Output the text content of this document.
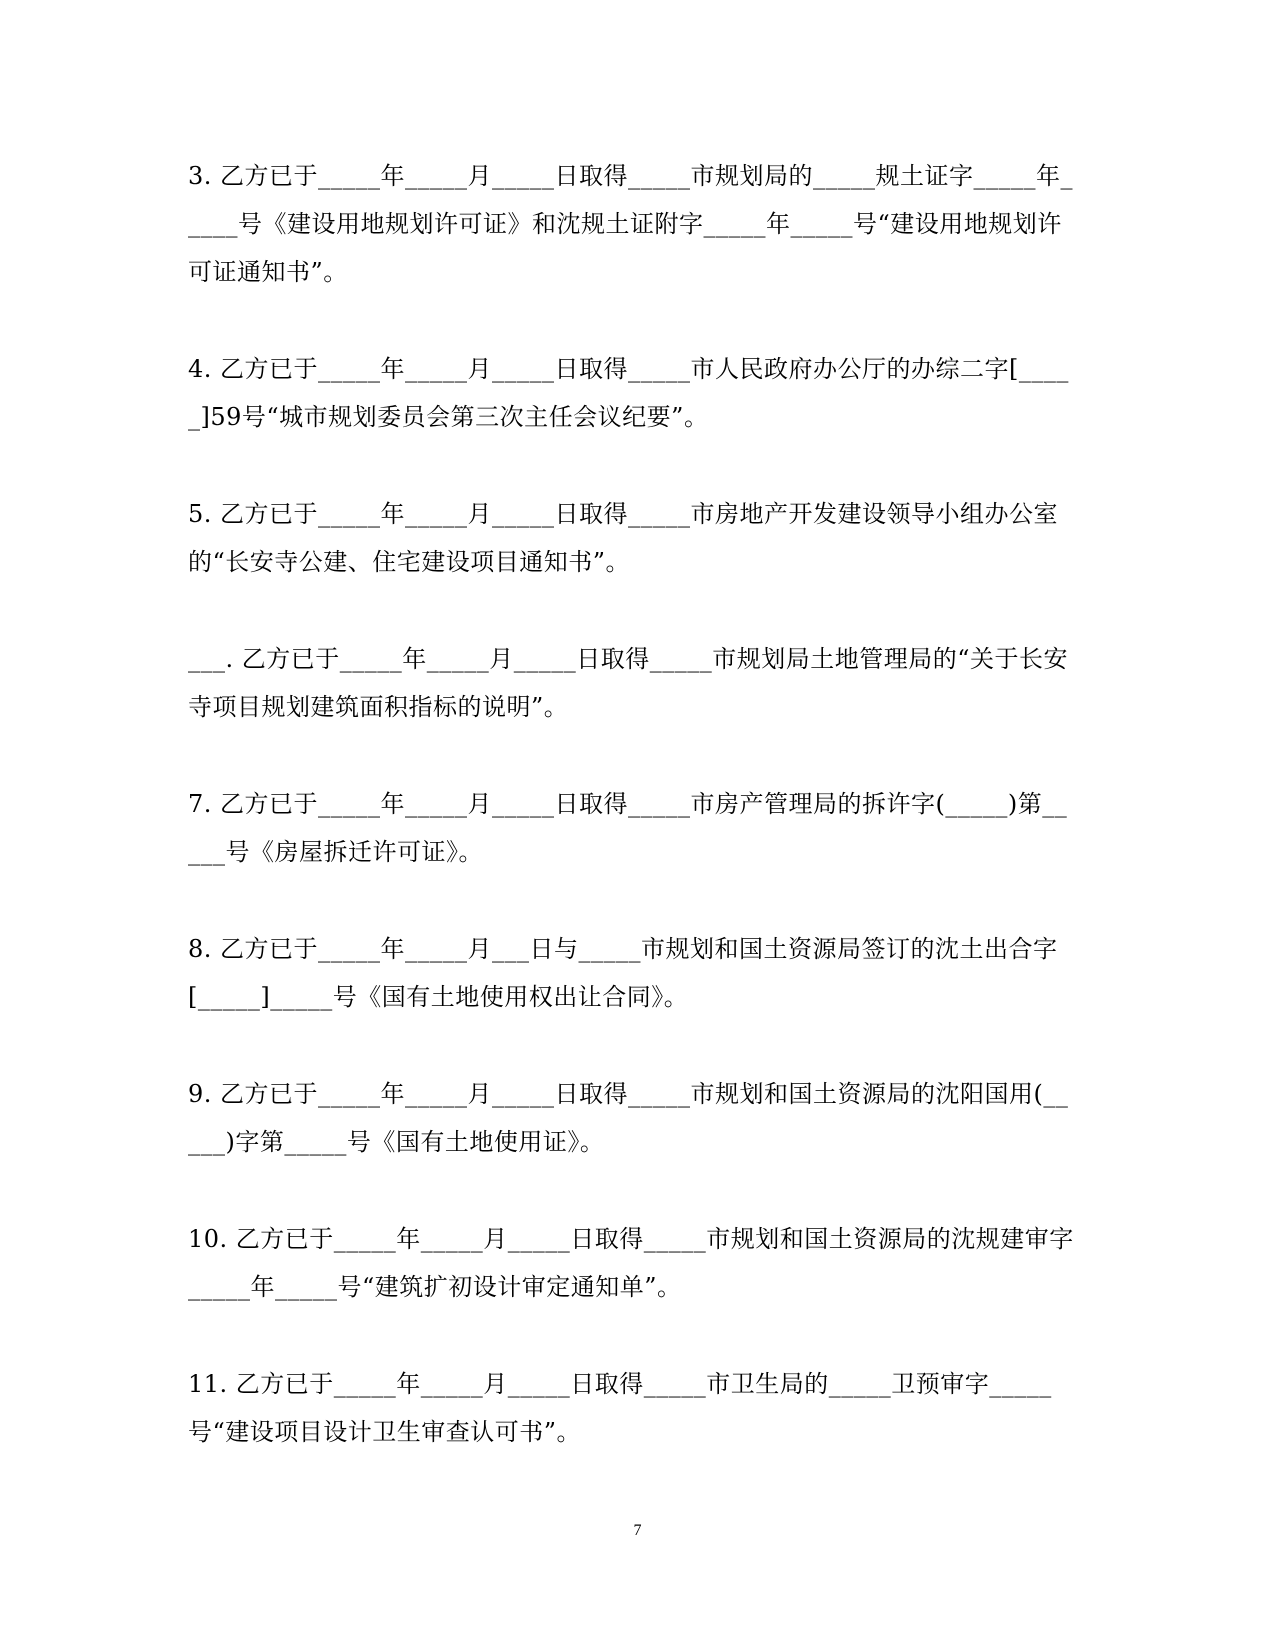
3. 乙方已于_____年_____月_____日取得_____市规划局的_____规土证字_____年_____号《建设用地规划许可证》和沈规土证附字_____年_____号“建设用地规划许可证通知书”。

4. 乙方已于_____年_____月_____日取得_____市人民政府办公厅的办综二字[_____]59号“城市规划委员会第三次主任会议纪要”。

5. 乙方已于_____年_____月_____日取得_____市房地产开发建设领导小组办公室的“长安寺公建、住宅建设项目通知书”。

___. 乙方已于_____年_____月_____日取得_____市规划局土地管理局的“关于长安寺项目规划建筑面积指标的说明”。

7. 乙方已于_____年_____月_____日取得_____市房产管理局的拆许字(_____)第_____号《房屋拆迁许可证》。

8. 乙方已于_____年_____月___日与_____市规划和国土资源局签订的沈土出合字[_____]_____号《国有土地使用权出让合同》。

9. 乙方已于_____年_____月_____日取得_____市规划和国土资源局的沈阳国用(_____)字第_____号《国有土地使用证》。

10. 乙方已于_____年_____月_____日取得_____市规划和国土资源局的沈规建审字_____年_____号“建筑扩初设计审定通知单”。

11. 乙方已于_____年_____月_____日取得_____市卫生局的_____卫预审字_____号“建设项目设计卫生审查认可书”。

7
